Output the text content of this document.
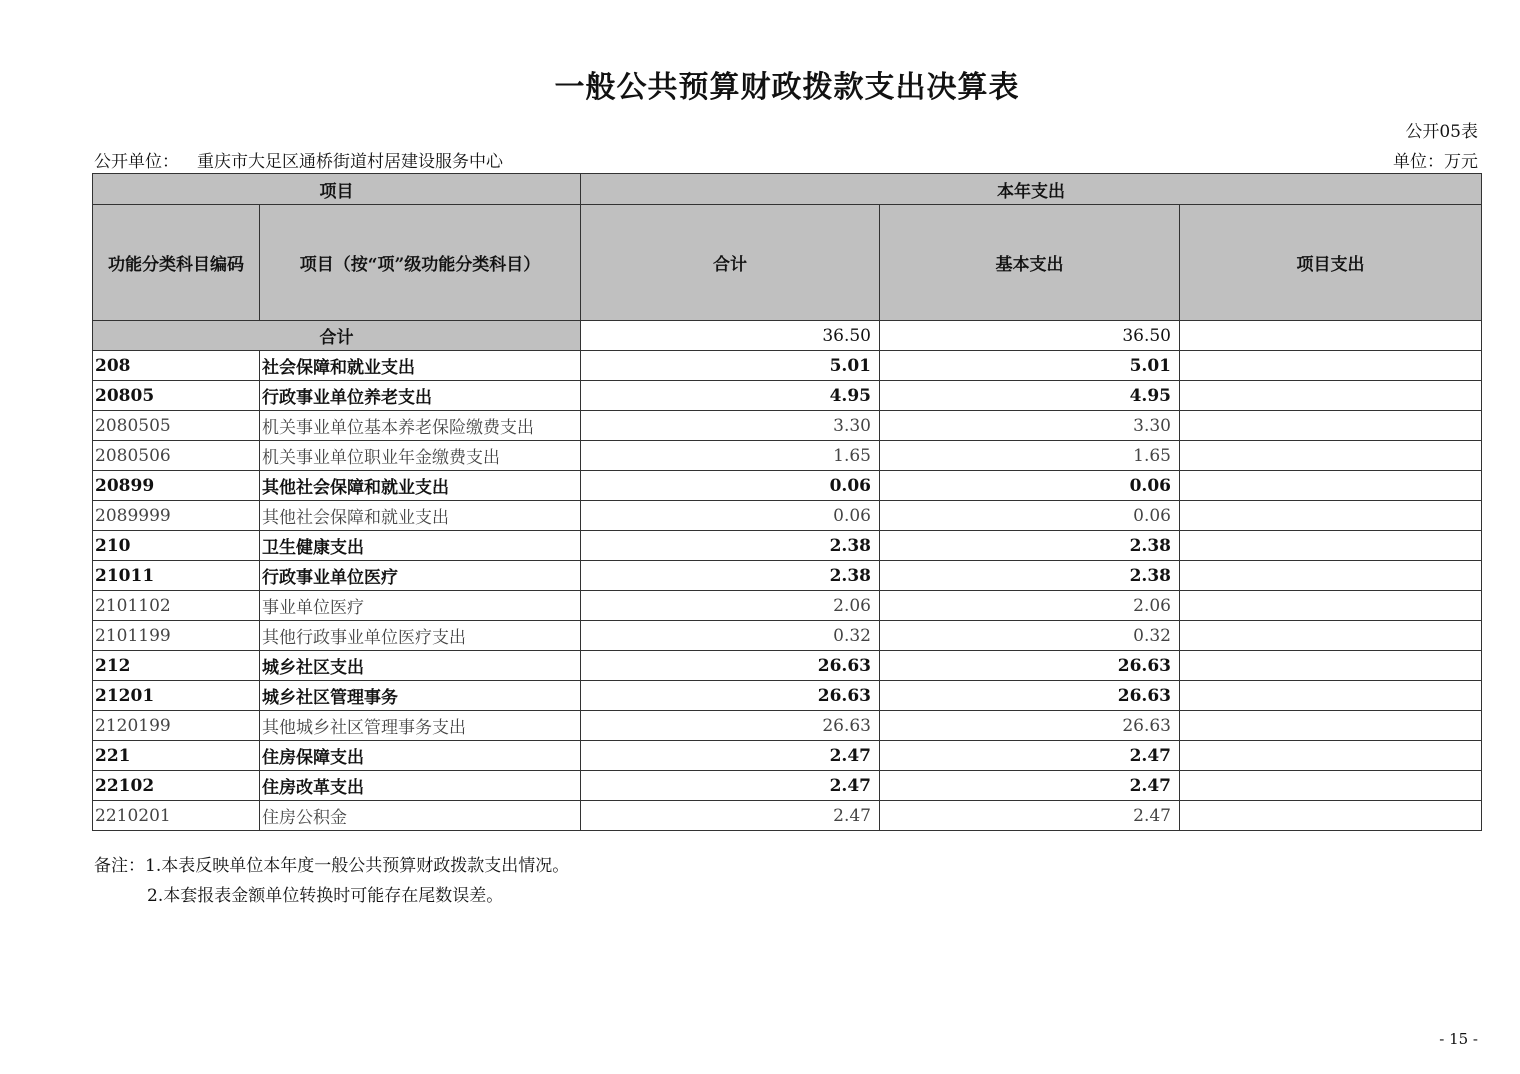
一般公共预算财政拨款支出决算表
公开05表
公开单位： 重庆市大足区通桥街道村居建设服务中心	单位：万元
项目		本年支出		
功能分类科目编码	项目（按“项”级功能分类科目）	合计	基本支出	项目支出
合计		36.50	36.50	
208	社会保障和就业支出	5.01	5.01	
20805	行政事业单位养老支出	4.95	4.95	
2080505	机关事业单位基本养老保险缴费支出	3.30	3.30	
2080506	机关事业单位职业年金缴费支出	1.65	1.65	
20899	其他社会保障和就业支出	0.06	0.06	
2089999	其他社会保障和就业支出	0.06	0.06	
210	卫生健康支出	2.38	2.38	
21011	行政事业单位医疗	2.38	2.38	
2101102	事业单位医疗	2.06	2.06	
2101199	其他行政事业单位医疗支出	0.32	0.32	
212	城乡社区支出	26.63	26.63	
21201	城乡社区管理事务	26.63	26.63	
2120199	其他城乡社区管理事务支出	26.63	26.63	
221	住房保障支出	2.47	2.47	
22102	住房改革支出	2.47	2.47	
2210201	住房公积金	2.47	2.47	
备注：1.本表反映单位本年度一般公共预算财政拨款支出情况。
2.本套报表金额单位转换时可能存在尾数误差。
- 15 -
